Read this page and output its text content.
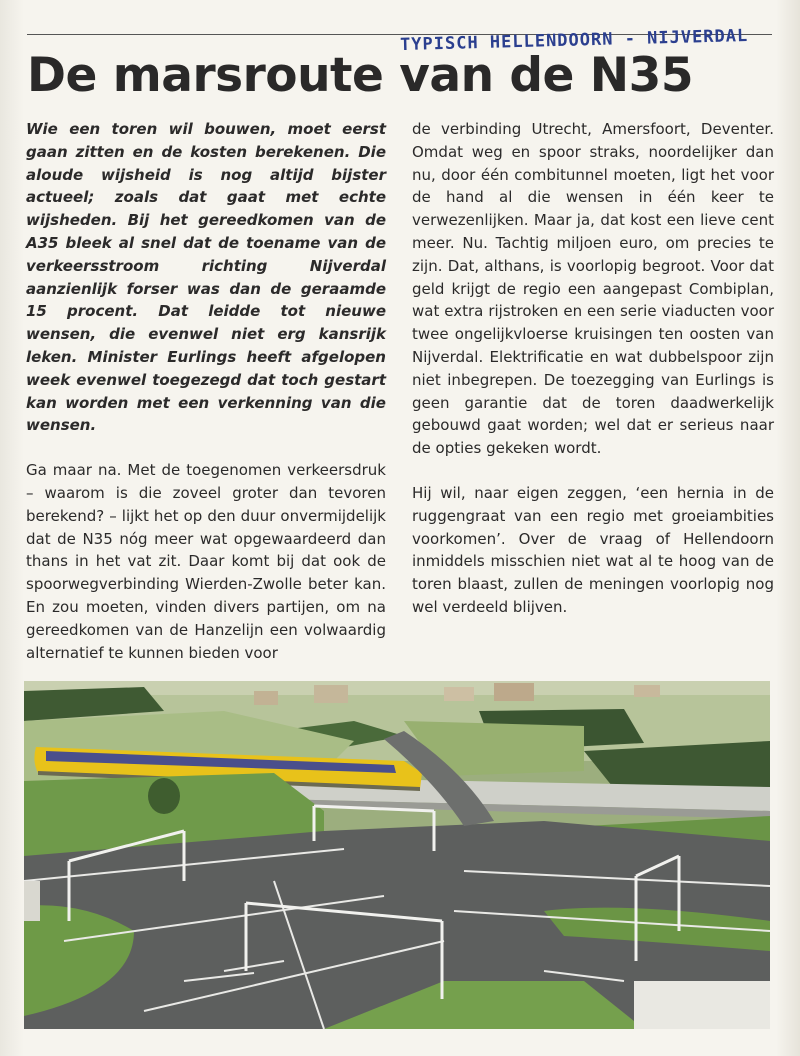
TYPISCH HELLENDOORN - NIJVERDAL
De marsroute van de N35

Wie een toren wil bouwen, moet eerst gaan zitten en de kosten berekenen. Die aloude wijsheid is nog altijd bijster actueel; zoals dat gaat met echte wijsheden. Bij het gereedkomen van de A35 bleek al snel dat de toename van de verkeersstroom richting Nijverdal aanzienlijk forser was dan de geraamde 15 procent. Dat leidde tot nieuwe wensen, die evenwel niet erg kansrijk leken. Minister Eurlings heeft afgelopen week evenwel toegezegd dat toch gestart kan worden met een verkenning van die wensen.

Ga maar na. Met de toegenomen verkeersdruk – waarom is die zoveel groter dan tevoren berekend? – lijkt het op den duur onvermijdelijk dat de N35 nóg meer wat opgewaardeerd dan thans in het vat zit. Daar komt bij dat ook de spoorwegverbinding Wierden-Zwolle beter kan. En zou moeten, vinden divers partijen, om na gereedkomen van de Hanzelijn een volwaardig alternatief te kunnen bieden voor

de verbinding Utrecht, Amersfoort, Deventer. Omdat weg en spoor straks, noordelijker dan nu, door één combitunnel moeten, ligt het voor de hand al die wensen in één keer te verwezenlijken. Maar ja, dat kost een lieve cent meer. Nu. Tachtig miljoen euro, om precies te zijn. Dat, althans, is voorlopig begroot. Voor dat geld krijgt de regio een aangepast Combiplan, wat extra rijstroken en een serie viaducten voor twee ongelijkvloerse kruisingen ten oosten van Nijverdal. Elektrificatie en wat dubbelspoor zijn niet inbegrepen. De toezegging van Eurlings is geen garantie dat de toren daadwerkelijk gebouwd gaat worden; wel dat er serieus naar de opties gekeken wordt.

Hij wil, naar eigen zeggen, ‘een hernia in de ruggengraat van een regio met groeiambities voorkomen’. Over de vraag of Hellendoorn inmiddels misschien niet wat al te hoog van de toren blaast, zullen de meningen voorlopig nog wel verdeeld blijven.
